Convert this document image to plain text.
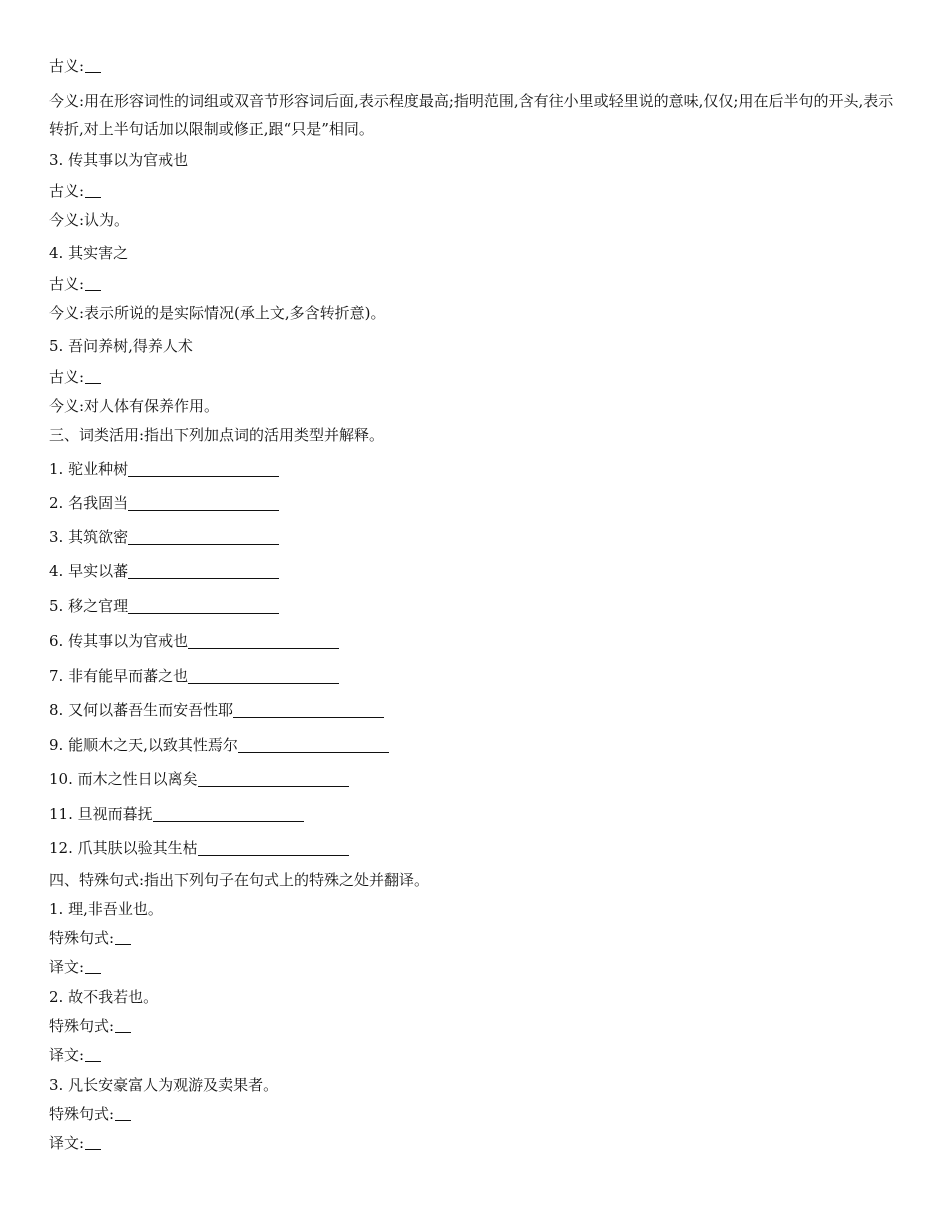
古义:
今义:用在形容词性的词组或双音节形容词后面,表示程度最高;指明范围,含有往小里或轻里说的意味,仅仅;用在后半句的开头,表示转折,对上半句话加以限制或修正,跟“只是”相同。
3. 传其事以为官戒也
古义:
今义:认为。
4. 其实害之
古义:
今义:表示所说的是实际情况(承上文,多含转折意)。
5. 吾问养树,得养人术
古义:
今义:对人体有保养作用。
三、词类活用:指出下列加点词的活用类型并解释。
1. 驼业种树
2. 名我固当
3. 其筑欲密
4. 早实以蕃
5. 移之官理
6. 传其事以为官戒也
7. 非有能早而蕃之也
8. 又何以蕃吾生而安吾性耶
9. 能顺木之天,以致其性焉尔
10. 而木之性日以离矣
11. 旦视而暮抚
12. 爪其肤以验其生枯
四、特殊句式:指出下列句子在句式上的特殊之处并翻译。
1. 理,非吾业也。
特殊句式:
译文:
2. 故不我若也。
特殊句式:
译文:
3. 凡长安豪富人为观游及卖果者。
特殊句式:
译文:
